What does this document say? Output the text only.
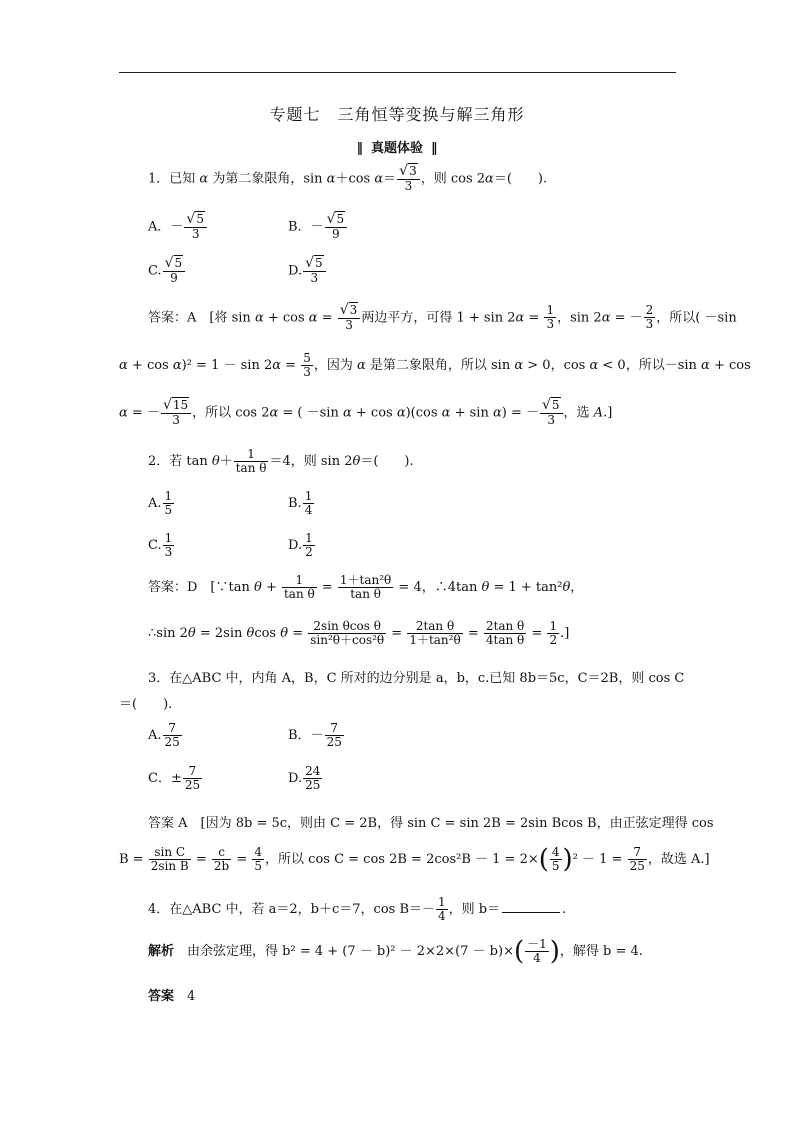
专题七　三角恒等变换与解三角形
‖ 真题体验 ‖
1．已知 α 为第二象限角，sin α＋cos $\alpha= \frac{√3}{3}$ ，则 cos 2α＝(　　).
A．－ $\frac{√5}{3}$	B．－ $\frac{√5}{9}$
C. $\frac{√5}{9}$	D. $\frac{√5}{3}$
答案：A　[将 $\sin \alpha + \cos \alpha = \frac{√3}{3}$ 两边平方，可得 $1 + \sin 2\alpha = \frac{1}{3}$ ，sin 2α = － $\frac{2}{3}$ ，所以( －sin
$\alpha + \cos \alpha)^2 = 1 - \sin 2\alpha = \frac{5}{3}$ ，因为 α 是第二象限角，所以 sin α > 0，cos α < 0，所以－sin α + cos
α = － $\frac{√15}{3}$ ，所以 cos 2α = ( －sin α + cos α)(cos α + sin α) = － $\frac{√5}{3}$ ，选 A.]
2．若 $\tan \theta+ \frac{1}{\text{tan θ}} =4$，则 sin 2θ＝(　　).
A. $\frac{1}{5}$	B. $\frac{1}{4}$
C. $\frac{1}{3}$	D. $\frac{1}{2}$
答案：D　[∵tan $\theta + \frac{1}{\text{tan θ}} = \frac{\text{1＋tan²θ}}{\text{tan θ}} = 4$，∴4tan θ = 1 + tan²θ，
∴sin 2θ = 2sin θcos $\theta = \frac{\text{2sin θcos θ}}{\text{sin²θ＋cos²θ}} = \frac{\text{2tan θ}}{\text{1＋tan²θ}} = \frac{\text{2tan θ}}{\text{4tan θ}} = \frac{1}{2}$ .]
3．在△ABC 中，内角 A，B，C 所对的边分别是 a，b，c.已知 8b＝5c，C＝2B，则 cos C
＝(　　).
A. $\frac{7}{25}$	B．－ $\frac{7}{25}$
C．± $\frac{7}{25}$	D. $\frac{24}{25}$
答案 A　[因为 8b = 5c，则由 C = 2B，得 sin C = sin 2B = 2sin Bcos B，由正弦定理得 cos
$B = \frac{\text{sin C}}{\text{2sin B}} = \frac{c}{2b} = \frac{4}{5}$ ，所以 $\cos C = \cos 2B = 2\cos^2B - 1 = 2\times( \frac{4}{5} )^2 - 1 = \frac{7}{25}$ ，故选 A.]
4．在△ABC 中，若 a＝2，b＋c＝7，$\cos B=- \frac{1}{4}$ ，则 b＝	.
解析　由余弦定理，得 $b^2 = 4 + (7 - b)^2 - 2\times 2\times(7 - b)\times( \frac{-1}{4}$ )，解得 b = 4.
答案　 4
